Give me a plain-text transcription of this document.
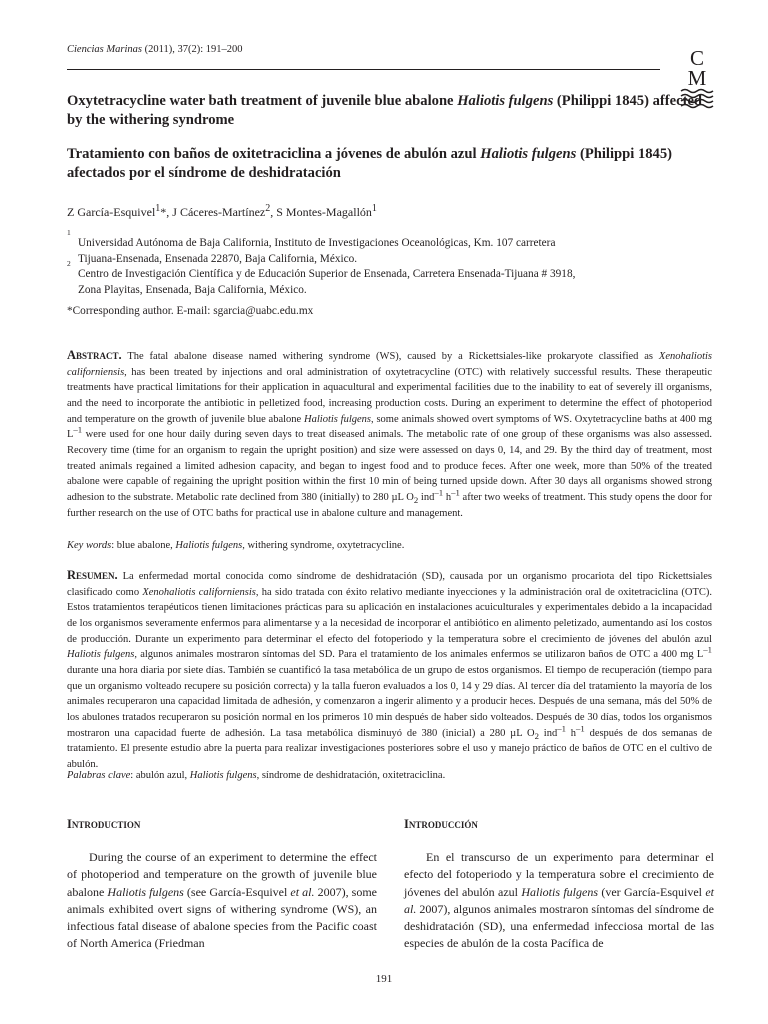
Ciencias Marinas (2011), 37(2): 191–200	C
M
Oxytetracycline water bath treatment of juvenile blue abalone Haliotis fulgens (Philippi 1845) affected by the withering syndrome
Tratamiento con baños de oxitetraciclina a jóvenes de abulón azul Haliotis fulgens (Philippi 1845) afectados por el síndrome de deshidratación
Z García-Esquivel$^1$*, J Cáceres-Martínez$^2$, S Montes-Magallón$^1$
1
Universidad Autónoma de Baja California, Instituto de Investigaciones Oceanológicas, Km. 107 carretera
Tijuana-Ensenada, Ensenada 22870, Baja California, México.
2
Centro de Investigación Científica y de Educación Superior de Ensenada, Carretera Ensenada-Tijuana # 3918,
Zona Playitas, Ensenada, Baja California, México.
*Corresponding author. E-mail: sgarcia@uabc.edu.mx

Abstract. The fatal abalone disease named withering syndrome (WS), caused by a Rickettsiales-like prokaryote classified as Xenohaliotis californiensis, has been treated by injections and oral administration of oxytetracycline (OTC) with relatively successful results. These therapeutic treatments have practical limitations for their application in aquacultural and experimental facilities due to the inability to eat of severely ill organisms, and the need to incorporate the antibiotic in pelletized food, increasing production costs. During an experiment to determine the effect of photoperiod and temperature on the growth of juvenile blue abalone Haliotis fulgens, some animals showed overt symptoms of WS. Oxytetracycline baths at 400 mg $L^{-1}$ were used for one hour daily during seven days to treat diseased animals. The metabolic rate of one group of these organisms was also assessed. Recovery time (time for an organism to regain the upright position) and size were assessed on days 0, 14, and 29. By the third day of treatment, most treated animals regained a limited adhesion capacity, and began to ingest food and to produce feces. After one week, more than 50% of the treated abalone were capable of regaining the upright position within the first 10 min of being turned upside down. After 30 days all organisms showed strong adhesion to the substrate. Metabolic rate declined from 380 (initially) to 280 µL $O_2$ ind$^{-1}$ $h^{-1}$ after two weeks of treatment. This study opens the door for further research on the use of OTC baths for practical use in abalone culture and management.

Key words: blue abalone, Haliotis fulgens, withering syndrome, oxytetracycline.

Resumen. La enfermedad mortal conocida como síndrome de deshidratación (SD), causada por un organismo procariota del tipo Rickettsiales clasificado como Xenohaliotis californiensis, ha sido tratada con éxito relativo mediante inyecciones y la administración oral de oxitetraciclina (OTC). Estos tratamientos terapéuticos tienen limitaciones prácticas para su aplicación en instalaciones acuiculturales y experimentales debido a la incapacidad de los organismos severamente enfermos para alimentarse y a la necesidad de incorporar el antibiótico en alimento peletizado, aumentando así los costos de producción. Durante un experimento para determinar el efecto del fotoperiodo y la temperatura sobre el crecimiento de jóvenes del abulón azul Haliotis fulgens, algunos animales mostraron síntomas del SD. Para el tratamiento de los animales enfermos se utilizaron baños de OTC a 400 mg $L^{-1}$ durante una hora diaria por siete días. También se cuantificó la tasa metabólica de un grupo de estos organismos. El tiempo de recuperación (tiempo para que un organismo volteado recupere su posición correcta) y la talla fueron evaluados a los 0, 14 y 29 días. Al tercer día del tratamiento la mayoría de los animales recuperaron una capacidad limitada de adhesión, y comenzaron a ingerir alimento y a producir heces. Después de una semana, más del 50% de los abulones tratados recuperaron su posición normal en los primeros 10 min después de haber sido volteados. Después de 30 días, todos los organismos mostraron una capacidad fuerte de adhesión. La tasa metabólica disminuyó de 380 (inicial) a 280 µL $O_2$ ind$^{-1}$ $h^{-1}$ después de dos semanas de tratamiento. El presente estudio abre la puerta para realizar investigaciones posteriores sobre el uso y manejo práctico de baños de OTC en el cultivo de abulón.

Palabras clave: abulón azul, Haliotis fulgens, síndrome de deshidratación, oxitetraciclina.

Introduction

During the course of an experiment to determine the effect of photoperiod and temperature on the growth of juvenile blue abalone Haliotis fulgens (see García-Esquivel et al. 2007), some animals exhibited overt signs of withering syndrome (WS), an infectious fatal disease of abalone species from the Pacific coast of North America (Friedman

Introducción

En el transcurso de un experimento para determinar el efecto del fotoperiodo y la temperatura sobre el crecimiento de jóvenes del abulón azul Haliotis fulgens (ver García-Esquivel et al. 2007), algunos animales mostraron síntomas del síndrome de deshidratación (SD), una enfermedad infecciosa mortal de las especies de abulón de la costa Pacífica de

191
